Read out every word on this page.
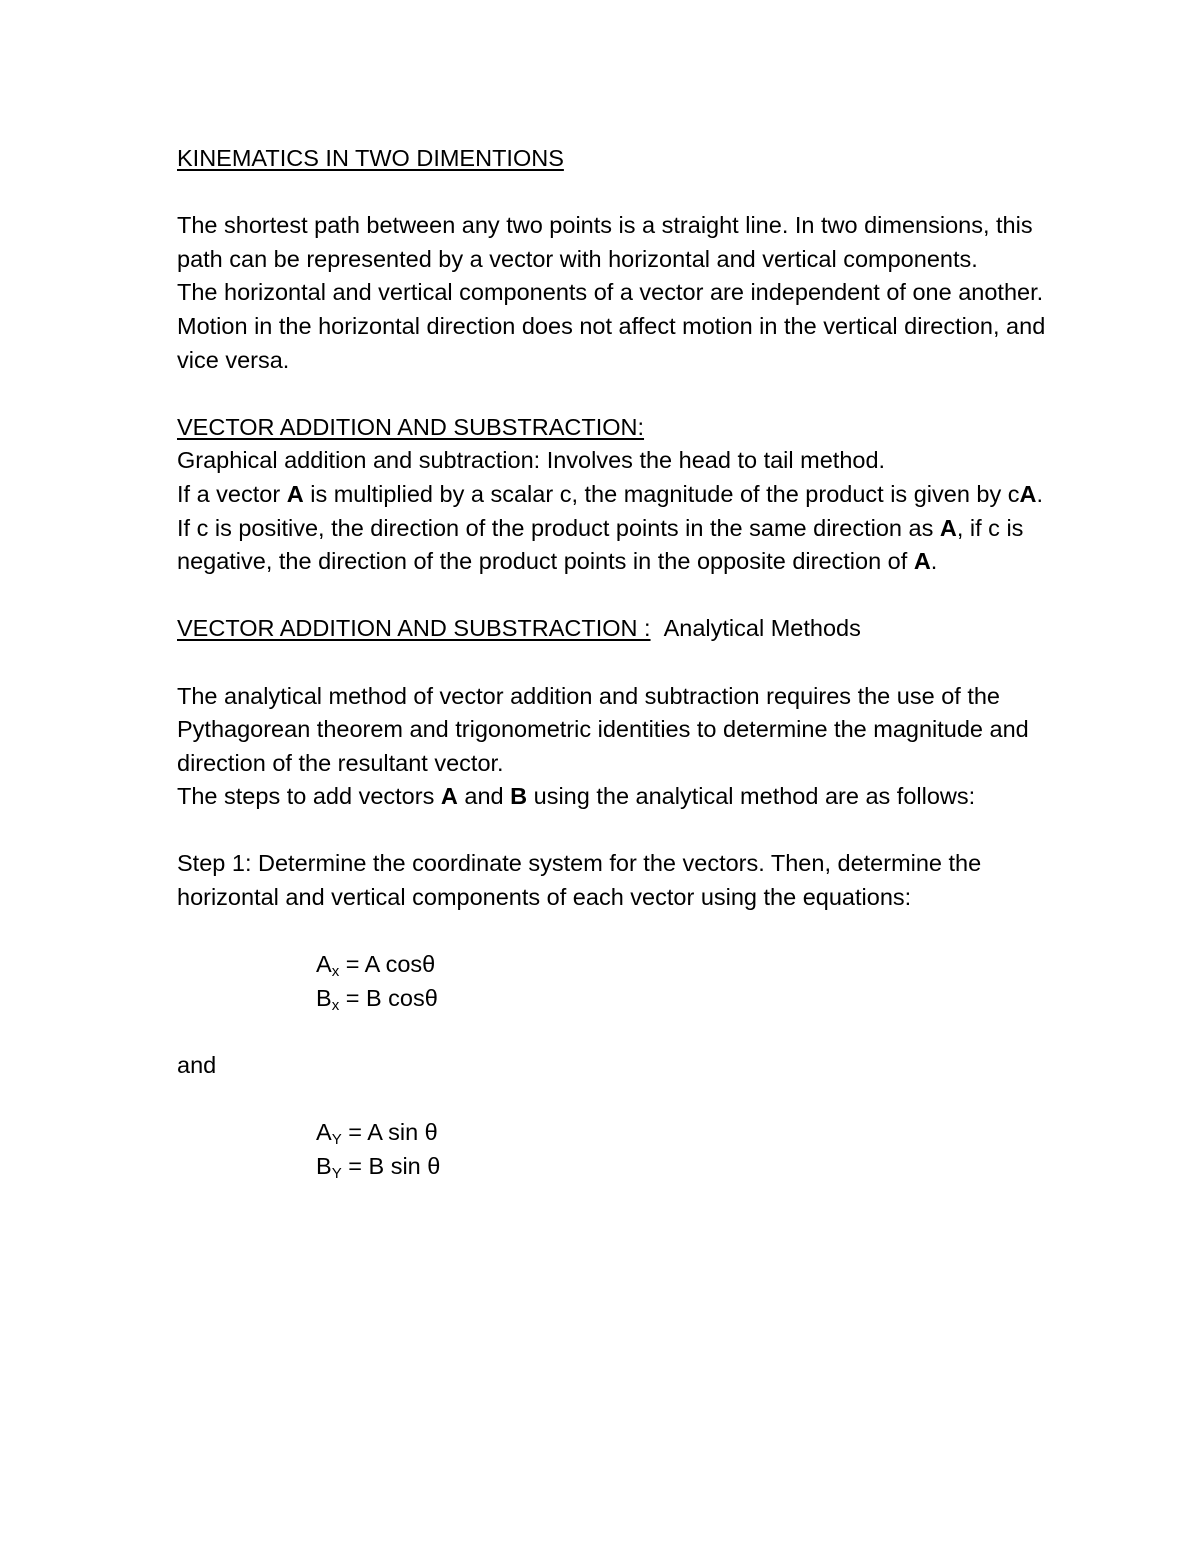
KINEMATICS IN TWO DIMENTIONS

The shortest path between any two points is a straight line. In two dimensions, this path can be represented by a vector with horizontal and vertical components.

The horizontal and vertical components of a vector are independent of one another. Motion in the horizontal direction does not affect motion in the vertical direction, and vice versa.

VECTOR ADDITION AND SUBSTRACTION:

Graphical addition and subtraction: Involves the head to tail method.

If a vector A is multiplied by a scalar c, the magnitude of the product is given by cA. If c is positive, the direction of the product points in the same direction as A, if c is negative, the direction of the product points in the opposite direction of A.

VECTOR ADDITION AND SUBSTRACTION : Analytical Methods

The analytical method of vector addition and subtraction requires the use of the Pythagorean theorem and trigonometric identities to determine the magnitude and direction of the resultant vector.

The steps to add vectors A and B using the analytical method are as follows:

Step 1: Determine the coordinate system for the vectors. Then, determine the horizontal and vertical components of each vector using the equations:

Ax = A cosθ

Bx = B cosθ

and

AY = A sin θ

BY = B sin θ
